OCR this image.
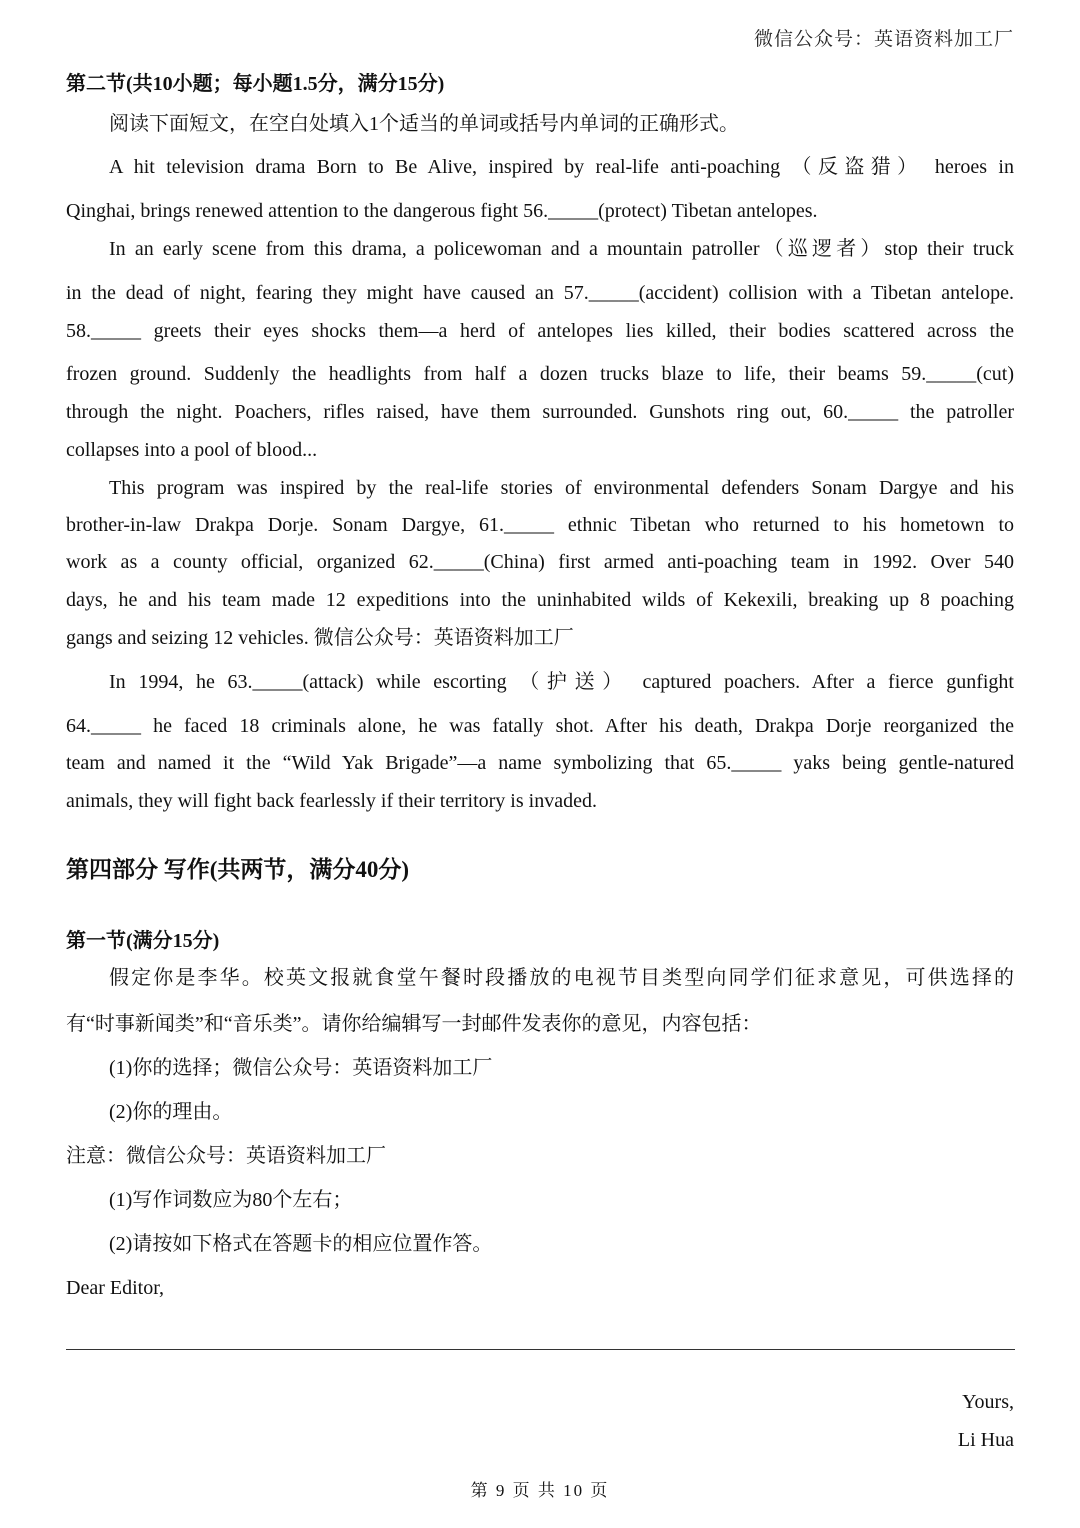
微信公众号：英语资料加工厂
第二节(共10小题；每小题1.5分，满分15分)
阅读下面短文，在空白处填入1个适当的单词或括号内单词的正确形式。
A hit television drama Born to Be Alive, inspired by real-life anti-poaching （反盗猎） heroes in
Qinghai, brings renewed attention to the dangerous fight 56._____(protect) Tibetan antelopes.
In an early scene from this drama, a policewoman and a mountain patroller（巡逻者）stop their truck
in the dead of night, fearing they might have caused an 57._____(accident) collision with a Tibetan antelope.
58._____ greets their eyes shocks them—a herd of antelopes lies killed, their bodies scattered across the
frozen ground. Suddenly the headlights from half a dozen trucks blaze to life, their beams 59._____(cut)
through the night. Poachers, rifles raised, have them surrounded. Gunshots ring out, 60._____ the patroller
collapses into a pool of blood...
This program was inspired by the real-life stories of environmental defenders Sonam Dargye and his
brother-in-law Drakpa Dorje. Sonam Dargye, 61._____ ethnic Tibetan who returned to his hometown to
work as a county official, organized 62._____(China) first armed anti-poaching team in 1992. Over 540
days, he and his team made 12 expeditions into the uninhabited wilds of Kekexili, breaking up 8 poaching
gangs and seizing 12 vehicles. 微信公众号：英语资料加工厂
In 1994, he 63._____(attack) while escorting （护送） captured poachers. After a fierce gunfight
64._____ he faced 18 criminals alone, he was fatally shot. After his death, Drakpa Dorje reorganized the
team and named it the “Wild Yak Brigade”—a name symbolizing that 65._____ yaks being gentle-natured
animals, they will fight back fearlessly if their territory is invaded.
第四部分 写作(共两节，满分40分)
第一节(满分15分)
假定你是李华。校英文报就食堂午餐时段播放的电视节目类型向同学们征求意见，可供选择的
有“时事新闻类”和“音乐类”。请你给编辑写一封邮件发表你的意见，内容包括：
(1)你的选择；微信公众号：英语资料加工厂
(2)你的理由。
注意：微信公众号：英语资料加工厂
(1)写作词数应为80个左右；
(2)请按如下格式在答题卡的相应位置作答。
Dear Editor,
Yours,
Li Hua
第 9 页 共 10 页
